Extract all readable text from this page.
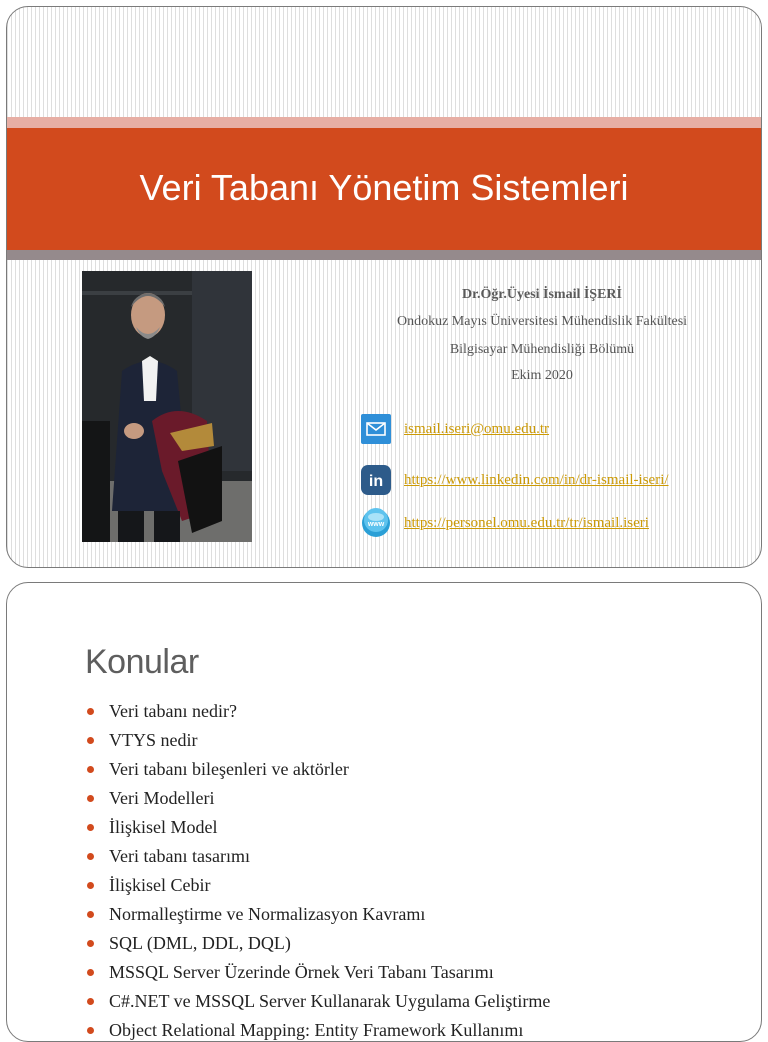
Veri Tabanı Yönetim Sistemleri
Dr.Öğr.Üyesi İsmail İŞERİ
Ondokuz Mayıs Üniversitesi Mühendislik Fakültesi
Bilgisayar Mühendisliği Bölümü
Ekim 2020
ismail.iseri@omu.edu.tr
in https://www.linkedin.com/in/dr-ismail-iseri/
www https://personel.omu.edu.tr/tr/ismail.iseri
Konular
Veri tabanı nedir?
VTYS nedir
Veri tabanı bileşenleri ve aktörler
Veri Modelleri
İlişkisel Model
Veri tabanı tasarımı
İlişkisel Cebir
Normalleştirme ve Normalizasyon Kavramı
SQL (DML, DDL, DQL)
MSSQL Server Üzerinde Örnek Veri Tabanı Tasarımı
C#.NET ve MSSQL Server Kullanarak Uygulama Geliştirme
Object Relational Mapping: Entity Framework Kullanımı
